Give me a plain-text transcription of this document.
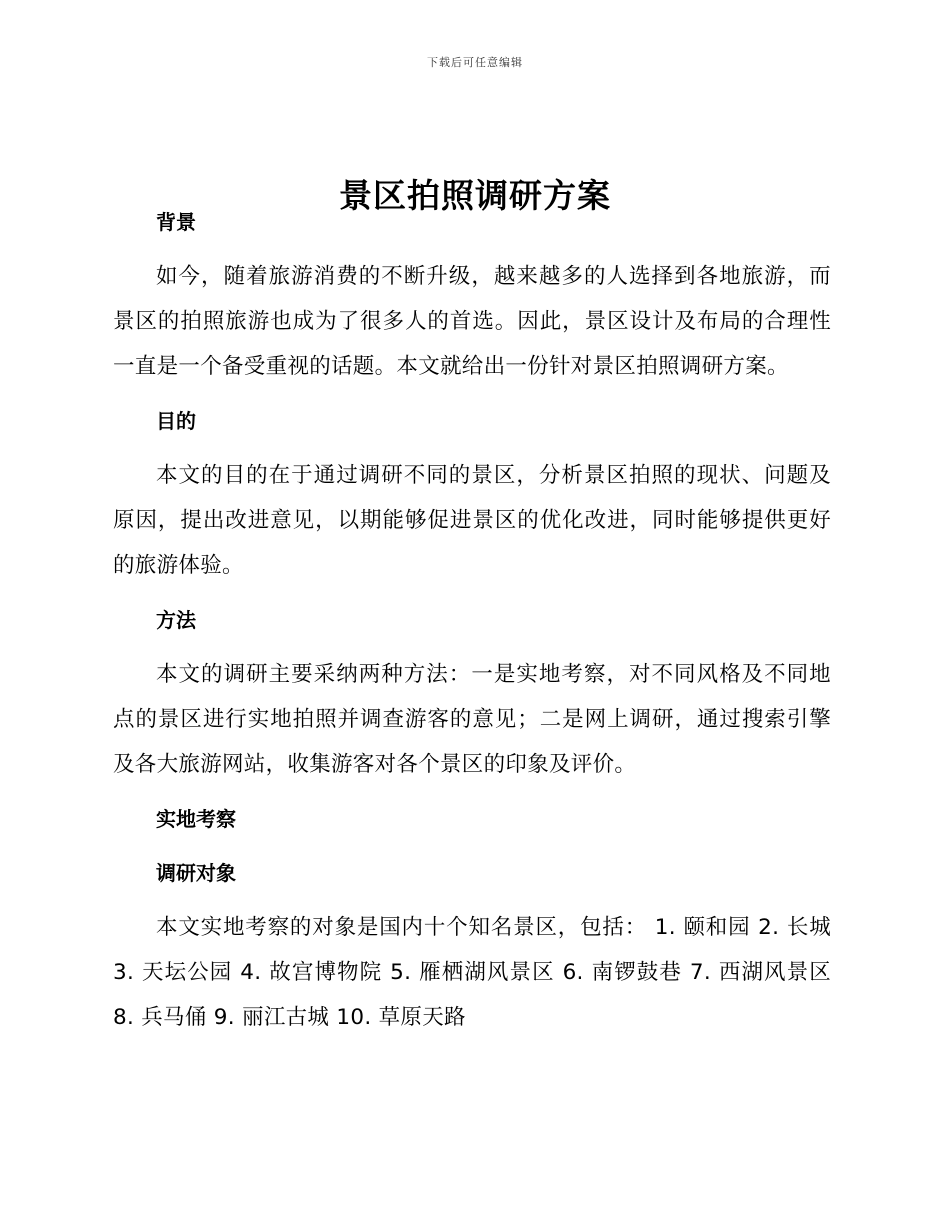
下载后可任意编辑
景区拍照调研方案
背景

如今，随着旅游消费的不断升级，越来越多的人选择到各地旅游，而景区的拍照旅游也成为了很多人的首选。因此，景区设计及布局的合理性一直是一个备受重视的话题。本文就给出一份针对景区拍照调研方案。

目的

本文的目的在于通过调研不同的景区，分析景区拍照的现状、问题及原因，提出改进意见，以期能够促进景区的优化改进，同时能够提供更好的旅游体验。

方法

本文的调研主要采纳两种方法：一是实地考察，对不同风格及不同地点的景区进行实地拍照并调查游客的意见；二是网上调研，通过搜索引擎及各大旅游网站，收集游客对各个景区的印象及评价。

实地考察
调研对象

本文实地考察的对象是国内十个知名景区，包括： 1. 颐和园 2. 长城 3. 天坛公园 4. 故宫博物院 5. 雁栖湖风景区 6. 南锣鼓巷 7. 西湖风景区 8. 兵马俑 9. 丽江古城 10. 草原天路
